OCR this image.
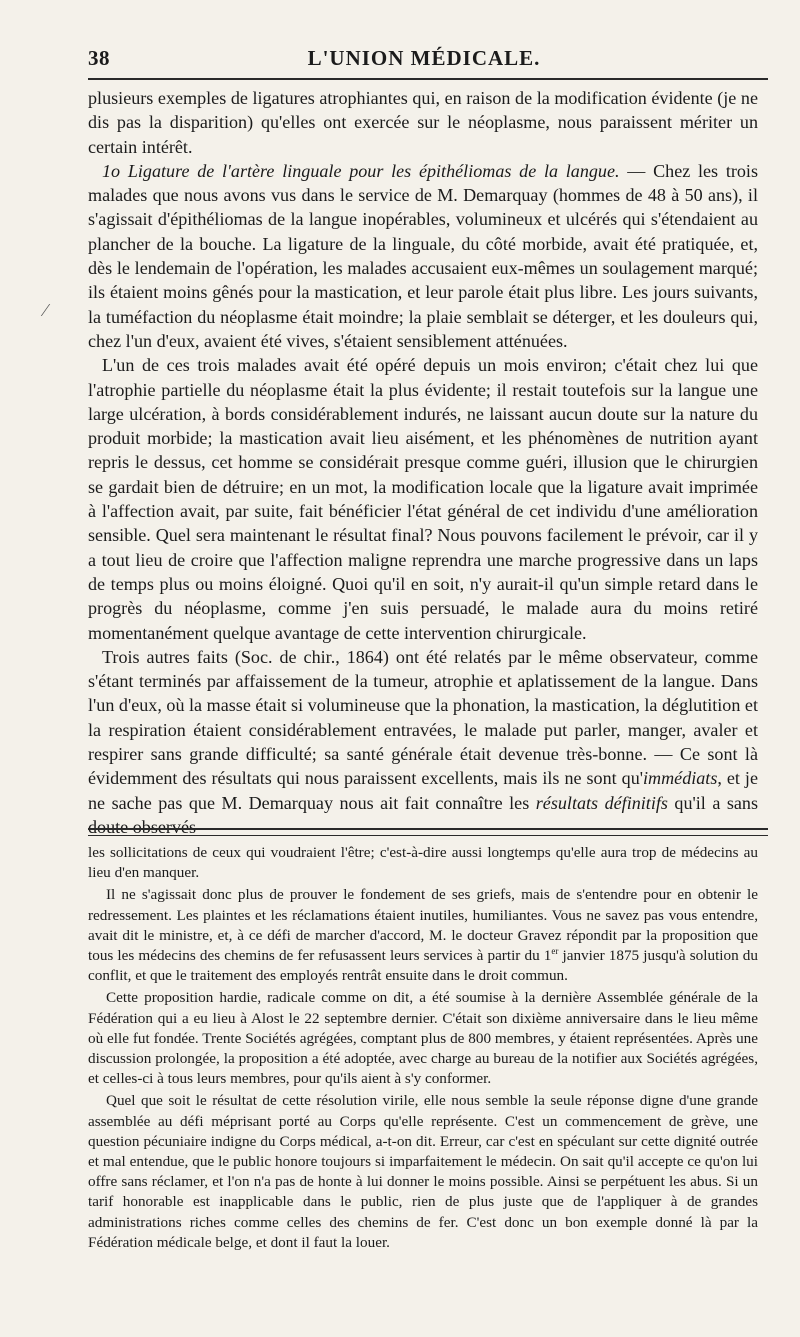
38	L'UNION MÉDICALE.
⁄

plusieurs exemples de ligatures atrophiantes qui, en raison de la modification évidente (je ne dis pas la disparition) qu'elles ont exercée sur le néoplasme, nous paraissent mériter un certain intérêt.

1o Ligature de l'artère linguale pour les épithéliomas de la langue. — Chez les trois malades que nous avons vus dans le service de M. Demarquay (hommes de 48 à 50 ans), il s'agissait d'épithéliomas de la langue inopérables, volumineux et ulcérés qui s'étendaient au plancher de la bouche. La ligature de la linguale, du côté morbide, avait été pratiquée, et, dès le lendemain de l'opération, les malades accusaient eux-mêmes un soulagement marqué; ils étaient moins gênés pour la mastication, et leur parole était plus libre. Les jours suivants, la tuméfaction du néoplasme était moindre; la plaie semblait se déterger, et les douleurs qui, chez l'un d'eux, avaient été vives, s'étaient sensiblement atténuées.

L'un de ces trois malades avait été opéré depuis un mois environ; c'était chez lui que l'atrophie partielle du néoplasme était la plus évidente; il restait toutefois sur la langue une large ulcération, à bords considérablement indurés, ne laissant aucun doute sur la nature du produit morbide; la mastication avait lieu aisément, et les phénomènes de nutrition ayant repris le dessus, cet homme se considérait presque comme guéri, illusion que le chirurgien se gardait bien de détruire; en un mot, la modification locale que la ligature avait imprimée à l'affection avait, par suite, fait bénéficier l'état général de cet individu d'une amélioration sensible. Quel sera maintenant le résultat final? Nous pouvons facilement le prévoir, car il y a tout lieu de croire que l'affection maligne reprendra une marche progressive dans un laps de temps plus ou moins éloigné. Quoi qu'il en soit, n'y aurait-il qu'un simple retard dans le progrès du néoplasme, comme j'en suis persuadé, le malade aura du moins retiré momentanément quelque avantage de cette intervention chirurgicale.

Trois autres faits (Soc. de chir., 1864) ont été relatés par le même observateur, comme s'étant terminés par affaissement de la tumeur, atrophie et aplatissement de la langue. Dans l'un d'eux, où la masse était si volumineuse que la phonation, la mastication, la déglutition et la respiration étaient considérablement entravées, le malade put parler, manger, avaler et respirer sans grande difficulté; sa santé générale était devenue très-bonne. — Ce sont là évidemment des résultats qui nous paraissent excellents, mais ils ne sont qu'immédiats, et je ne sache pas que M. Demarquay nous ait fait connaître les résultats définitifs qu'il a sans doute observés

les sollicitations de ceux qui voudraient l'être; c'est-à-dire aussi longtemps qu'elle aura trop de médecins au lieu d'en manquer.

Il ne s'agissait donc plus de prouver le fondement de ses griefs, mais de s'entendre pour en obtenir le redressement. Les plaintes et les réclamations étaient inutiles, humiliantes. Vous ne savez pas vous entendre, avait dit le ministre, et, à ce défi de marcher d'accord, M. le docteur Gravez répondit par la proposition que tous les médecins des chemins de fer refusassent leurs services à partir du 1er janvier 1875 jusqu'à solution du conflit, et que le traitement des employés rentrât ensuite dans le droit commun.

Cette proposition hardie, radicale comme on dit, a été soumise à la dernière Assemblée générale de la Fédération qui a eu lieu à Alost le 22 septembre dernier. C'était son dixième anniversaire dans le lieu même où elle fut fondée. Trente Sociétés agrégées, comptant plus de 800 membres, y étaient représentées. Après une discussion prolongée, la proposition a été adoptée, avec charge au bureau de la notifier aux Sociétés agrégées, et celles-ci à tous leurs membres, pour qu'ils aient à s'y conformer.

Quel que soit le résultat de cette résolution virile, elle nous semble la seule réponse digne d'une grande assemblée au défi méprisant porté au Corps qu'elle représente. C'est un commencement de grève, une question pécuniaire indigne du Corps médical, a-t-on dit. Erreur, car c'est en spéculant sur cette dignité outrée et mal entendue, que le public honore toujours si imparfaitement le médecin. On sait qu'il accepte ce qu'on lui offre sans réclamer, et l'on n'a pas de honte à lui donner le moins possible. Ainsi se perpétuent les abus. Si un tarif honorable est inapplicable dans le public, rien de plus juste que de l'appliquer à de grandes administrations riches comme celles des chemins de fer. C'est donc un bon exemple donné là par la Fédération médicale belge, et dont il faut la louer.
